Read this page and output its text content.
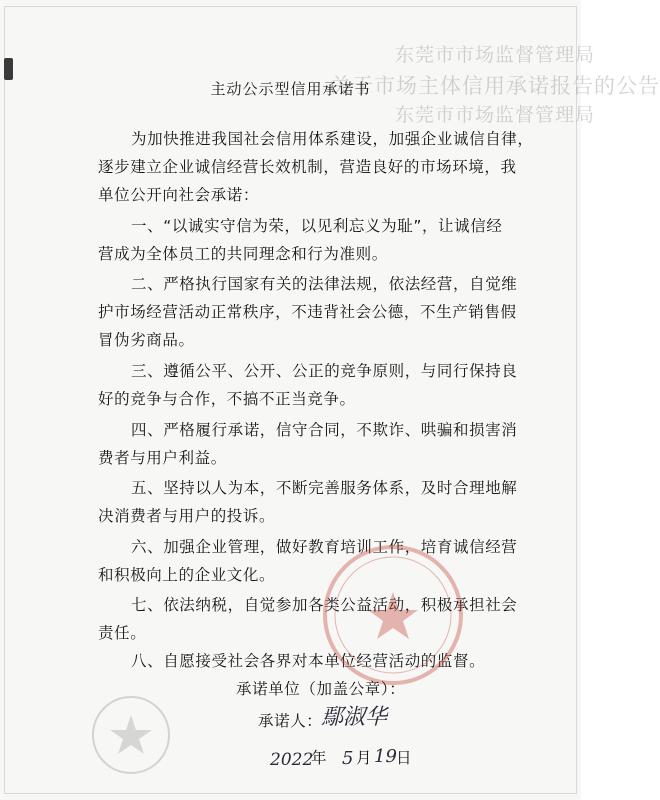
东莞市市场监督管理局
关于市场主体信用承诺报告的公告
东莞市市场监督管理局
主动公示型信用承诺书
为加快推进我国社会信用体系建设，加强企业诚信自律，
逐步建立企业诚信经营长效机制，营造良好的市场环境，我
单位公开向社会承诺：
一、“以诚实守信为荣，以见利忘义为耻”，让诚信经
营成为全体员工的共同理念和行为准则。
二、严格执行国家有关的法律法规，依法经营，自觉维
护市场经营活动正常秩序，不违背社会公德，不生产销售假
冒伪劣商品。
三、遵循公平、公开、公正的竞争原则，与同行保持良
好的竞争与合作，不搞不正当竞争。
四、严格履行承诺，信守合同，不欺诈、哄骗和损害消
费者与用户利益。
五、坚持以人为本，不断完善服务体系，及时合理地解
决消费者与用户的投诉。
六、加强企业管理，做好教育培训工作，培育诚信经营
和积极向上的企业文化。
七、依法纳税，自觉参加各类公益活动，积极承担社会
责任。
八、自愿接受社会各界对本单位经营活动的监督。
承诺单位（加盖公章）：
承诺人：
鄢淑华
2022
年 5 月 19 日
